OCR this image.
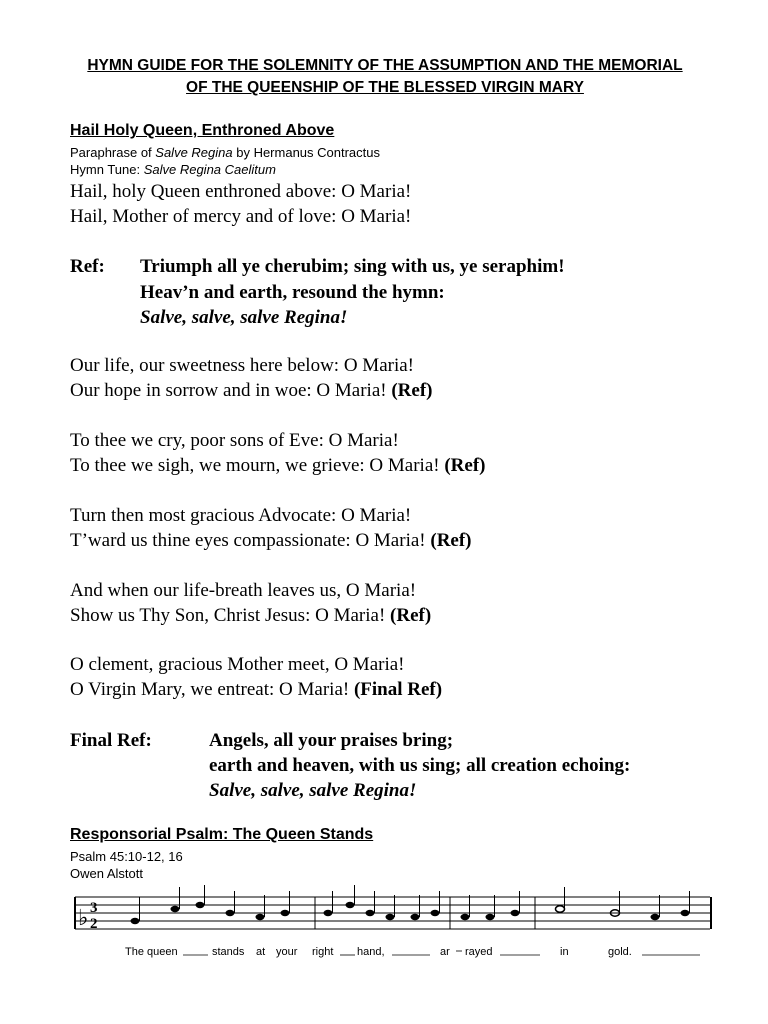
HYMN GUIDE FOR THE SOLEMNITY OF THE ASSUMPTION AND THE MEMORIAL
OF THE QUEENSHIP OF THE BLESSED VIRGIN MARY
Hail Holy Queen, Enthroned Above
Paraphrase of Salve Regina by Hermanus Contractus
Hymn Tune: Salve Regina Caelitum
Hail, holy Queen enthroned above: O Maria!
Hail, Mother of mercy and of love: O Maria!
Ref: Triumph all ye cherubim; sing with us, ye seraphim!
Heav’n and earth, resound the hymn:
Salve, salve, salve Regina!
Our life, our sweetness here below: O Maria!
Our hope in sorrow and in woe: O Maria! (Ref)
To thee we cry, poor sons of Eve: O Maria!
To thee we sigh, we mourn, we grieve: O Maria! (Ref)
Turn then most gracious Advocate: O Maria!
T’ward us thine eyes compassionate: O Maria! (Ref)
And when our life-breath leaves us, O Maria!
Show us Thy Son, Christ Jesus: O Maria! (Ref)
O clement, gracious Mother meet, O Maria!
O Virgin Mary, we entreat: O Maria! (Final Ref)
Final Ref:	Angels, all your praises bring;
earth and heaven, with us sing; all creation echoing:
Salve, salve, salve Regina!
Responsorial Psalm: The Queen Stands
Psalm 45:10-12, 16
Owen Alstott
♭ 3
2
The queen	stands at your right hand,	ar rayed	in	gold.
